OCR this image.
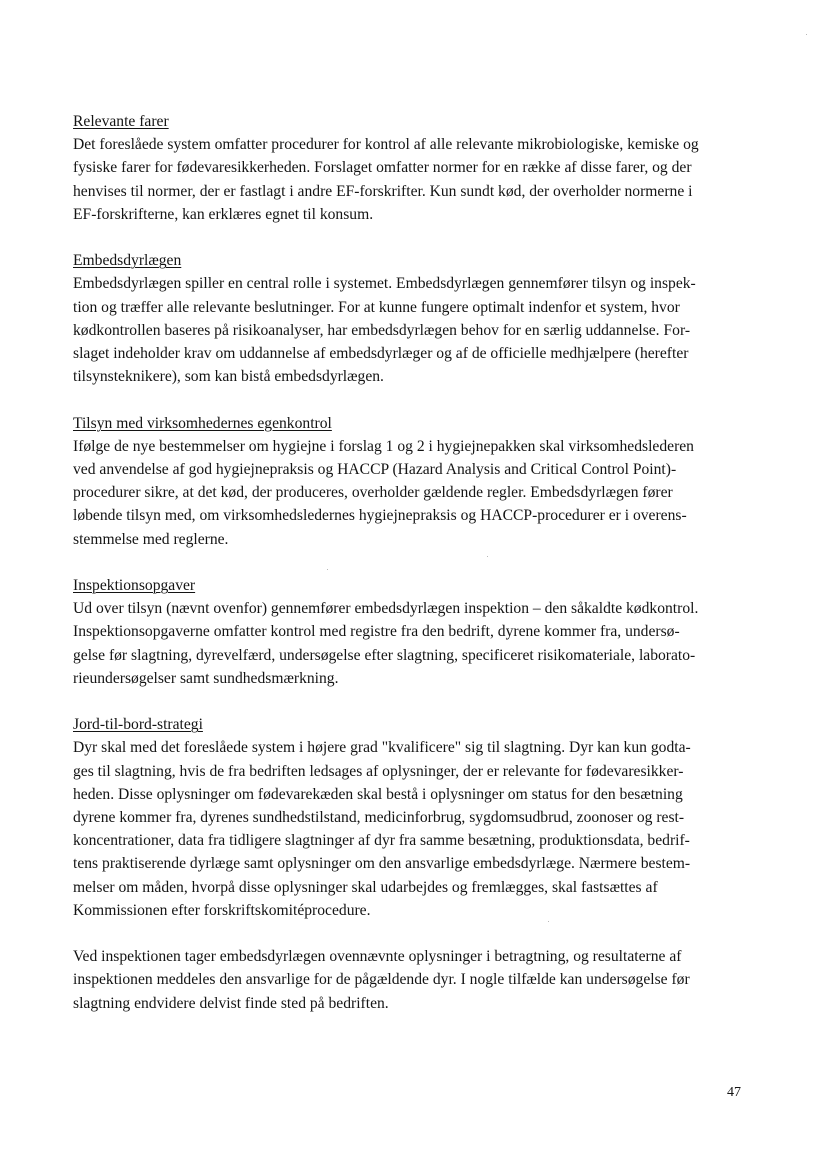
Relevante farer
Det foreslåede system omfatter procedurer for kontrol af alle relevante mikrobiologiske, kemiske og
fysiske farer for fødevaresikkerheden. Forslaget omfatter normer for en række af disse farer, og der
henvises til normer, der er fastlagt i andre EF-forskrifter. Kun sundt kød, der overholder normerne i
EF-forskrifterne, kan erklæres egnet til konsum.
Embedsdyrlægen
Embedsdyrlægen spiller en central rolle i systemet. Embedsdyrlægen gennemfører tilsyn og inspek-
tion og træffer alle relevante beslutninger. For at kunne fungere optimalt indenfor et system, hvor
kødkontrollen baseres på risikoanalyser, har embedsdyrlægen behov for en særlig uddannelse. For-
slaget indeholder krav om uddannelse af embedsdyrlæger og af de officielle medhjælpere (herefter
tilsynsteknikere), som kan bistå embedsdyrlægen.
Tilsyn med virksomhedernes egenkontrol
Ifølge de nye bestemmelser om hygiejne i forslag 1 og 2 i hygiejnepakken skal virksomhedslederen
ved anvendelse af god hygiejnepraksis og HACCP (Hazard Analysis and Critical Control Point)-
procedurer sikre, at det kød, der produceres, overholder gældende regler. Embedsdyrlægen fører
løbende tilsyn med, om virksomhedsledernes hygiejnepraksis og HACCP-procedurer er i overens-
stemmelse med reglerne.
Inspektionsopgaver
Ud over tilsyn (nævnt ovenfor) gennemfører embedsdyrlægen inspektion – den såkaldte kødkontrol.
Inspektionsopgaverne omfatter kontrol med registre fra den bedrift, dyrene kommer fra, undersø-
gelse før slagtning, dyrevelfærd, undersøgelse efter slagtning, specificeret risikomateriale, laborato-
rieundersøgelser samt sundhedsmærkning.
Jord-til-bord-strategi
Dyr skal med det foreslåede system i højere grad "kvalificere" sig til slagtning. Dyr kan kun godta-
ges til slagtning, hvis de fra bedriften ledsages af oplysninger, der er relevante for fødevaresikker-
heden. Disse oplysninger om fødevarekæden skal bestå i oplysninger om status for den besætning
dyrene kommer fra, dyrenes sundhedstilstand, medicinforbrug, sygdomsudbrud, zoonoser og rest-
koncentrationer, data fra tidligere slagtninger af dyr fra samme besætning, produktionsdata, bedrif-
tens praktiserende dyrlæge samt oplysninger om den ansvarlige embedsdyrlæge. Nærmere bestem-
melser om måden, hvorpå disse oplysninger skal udarbejdes og fremlægges, skal fastsættes af
Kommissionen efter forskriftskomitéprocedure.
Ved inspektionen tager embedsdyrlægen ovennævnte oplysninger i betragtning, og resultaterne af
inspektionen meddeles den ansvarlige for de pågældende dyr. I nogle tilfælde kan undersøgelse før
slagtning endvidere delvist finde sted på bedriften.
47
